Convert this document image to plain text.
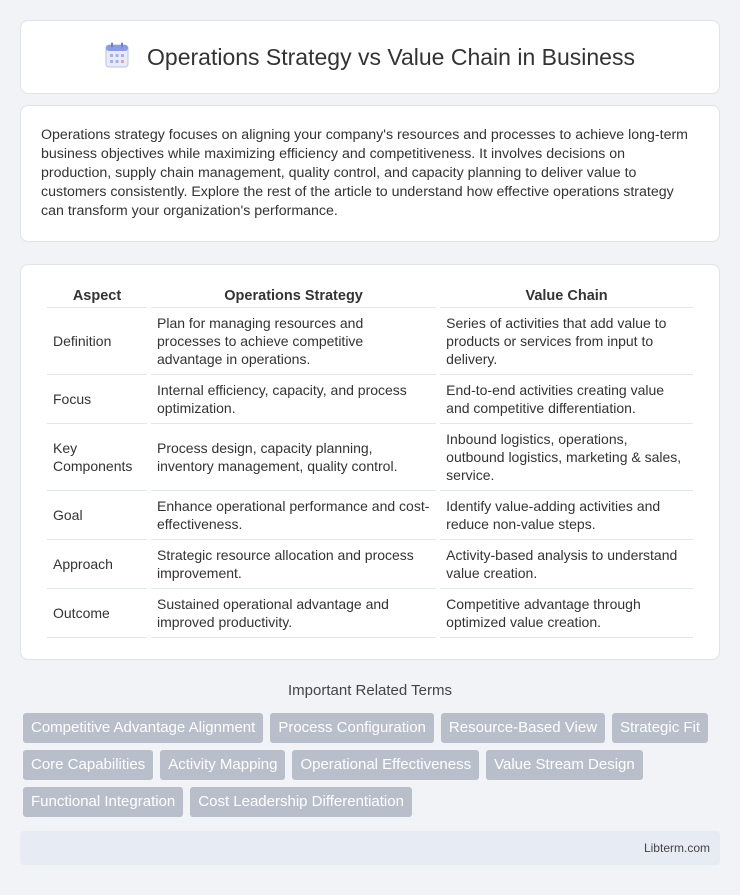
Operations Strategy vs Value Chain in Business

Operations strategy focuses on aligning your company's resources and processes to achieve long-term business objectives while maximizing efficiency and competitiveness. It involves decisions on production, supply chain management, quality control, and capacity planning to deliver value to customers consistently. Explore the rest of the article to understand how effective operations strategy can transform your organization's performance.

Aspect	Operations Strategy	Value Chain
Definition	Plan for managing resources and processes to achieve competitive advantage in operations.	Series of activities that add value to products or services from input to delivery.
Focus	Internal efficiency, capacity, and process optimization.	End-to-end activities creating value and competitive differentiation.
Key Components	Process design, capacity planning, inventory management, quality control.	Inbound logistics, operations, outbound logistics, marketing & sales, service.
Goal	Enhance operational performance and cost-effectiveness.	Identify value-adding activities and reduce non-value steps.
Approach	Strategic resource allocation and process improvement.	Activity-based analysis to understand value creation.
Outcome	Sustained operational advantage and improved productivity.	Competitive advantage through optimized value creation.
Important Related Terms
Competitive Advantage Alignment	Process Configuration	Resource-Based View	Strategic Fit
Core Capabilities	Activity Mapping	Operational Effectiveness	Value Stream Design
Functional Integration	Cost Leadership Differentiation
Libterm.com
